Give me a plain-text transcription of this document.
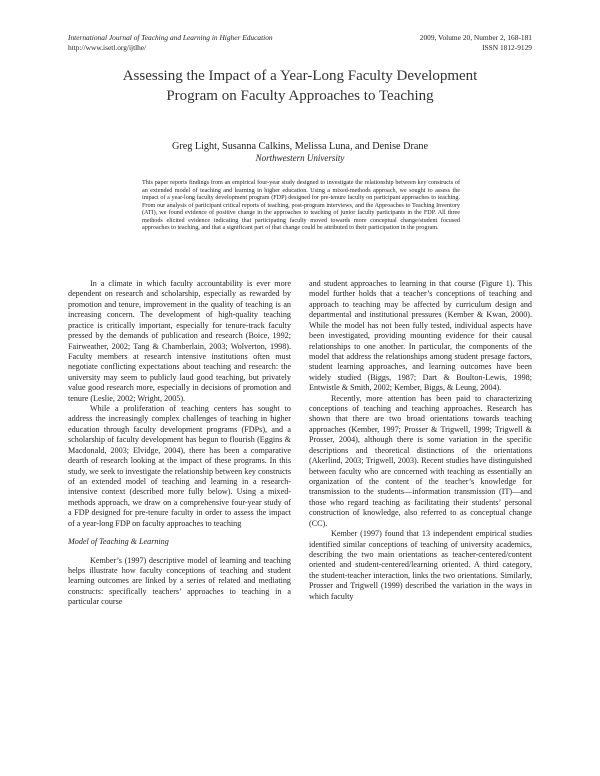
International Journal of Teaching and Learning in Higher Education
http://www.isetl.org/ijtlhe/
2009, Volume 20, Number 2, 168-181
ISSN 1812-9129
Assessing the Impact of a Year-Long Faculty Development Program on Faculty Approaches to Teaching
Greg Light, Susanna Calkins, Melissa Luna, and Denise Drane
Northwestern University

This paper reports findings from an empirical four-year study designed to investigate the relationship between key constructs of an extended model of teaching and learning in higher education. Using a mixed-methods approach, we sought to assess the impact of a year-long faculty development program (FDP) designed for pre-tenure faculty on participant approaches to teaching. From our analysis of participant critical reports of teaching, post-program interviews, and the Approaches to Teaching Inventory (ATI), we found evidence of positive change in the approaches to teaching of junior faculty participants in the FDP. All three methods elicited evidence indicating that participating faculty moved towards more conceptual change/student focused approaches to teaching, and that a significant part of that change could be attributed to their participation in the program.

In a climate in which faculty accountability is ever more dependent on research and scholarship, especially as rewarded by promotion and tenure, improvement in the quality of teaching is an increasing concern. The development of high-quality teaching practice is critically important, especially for tenure-track faculty pressed by the demands of publication and research (Boice, 1992; Fairweather, 2002; Tang & Chamberlain, 2003; Wolverton, 1998). Faculty members at research intensive institutions often must negotiate conflicting expectations about teaching and research: the university may seem to publicly laud good teaching, but privately value good research more, especially in decisions of promotion and tenure (Leslie, 2002; Wright, 2005).

While a proliferation of teaching centers has sought to address the increasingly complex challenges of teaching in higher education through faculty development programs (FDPs), and a scholarship of faculty development has begun to flourish (Eggins & Macdonald, 2003; Elvidge, 2004), there has been a comparative dearth of research looking at the impact of these programs. In this study, we seek to investigate the relationship between key constructs of an extended model of teaching and learning in a research-intensive context (described more fully below). Using a mixed-methods approach, we draw on a comprehensive four-year study of a FDP designed for pre-tenure faculty in order to assess the impact of a year-long FDP on faculty approaches to teaching

Model of Teaching & Learning

Kember’s (1997) descriptive model of learning and teaching helps illustrate how faculty conceptions of teaching and student learning outcomes are linked by a series of related and mediating constructs: specifically teachers’ approaches to teaching in a particular course

and student approaches to learning in that course (Figure 1). This model further holds that a teacher’s conceptions of teaching and approach to teaching may be affected by curriculum design and departmental and institutional pressures (Kember & Kwan, 2000). While the model has not been fully tested, individual aspects have been investigated, providing mounting evidence for their causal relationships to one another. In particular, the components of the model that address the relationships among student presage factors, student learning approaches, and learning outcomes have been widely studied (Biggs, 1987; Dart & Boulton-Lewis, 1998; Entwistle & Smith, 2002; Kember, Biggs, & Leung, 2004).

Recently, more attention has been paid to characterizing conceptions of teaching and teaching approaches. Research has shown that there are two broad orientations towards teaching approaches (Kember, 1997; Prosser & Trigwell, 1999; Trigwell & Prosser, 2004), although there is some variation in the specific descriptions and theoretical distinctions of the orientations (Akerlind, 2003; Trigwell, 2003). Recent studies have distinguished between faculty who are concerned with teaching as essentially an organization of the content of the teacher’s knowledge for transmission to the students—information transmission (IT)—and those who regard teaching as facilitating their students’ personal construction of knowledge, also referred to as conceptual change (CC).

Kember (1997) found that 13 independent empirical studies identified similar conceptions of teaching of university academics, describing the two main orientations as teacher-centered/content oriented and student-centered/learning oriented. A third category, the student-teacher interaction, links the two orientations. Similarly, Prosser and Trigwell (1999) described the variation in the ways in which faculty
